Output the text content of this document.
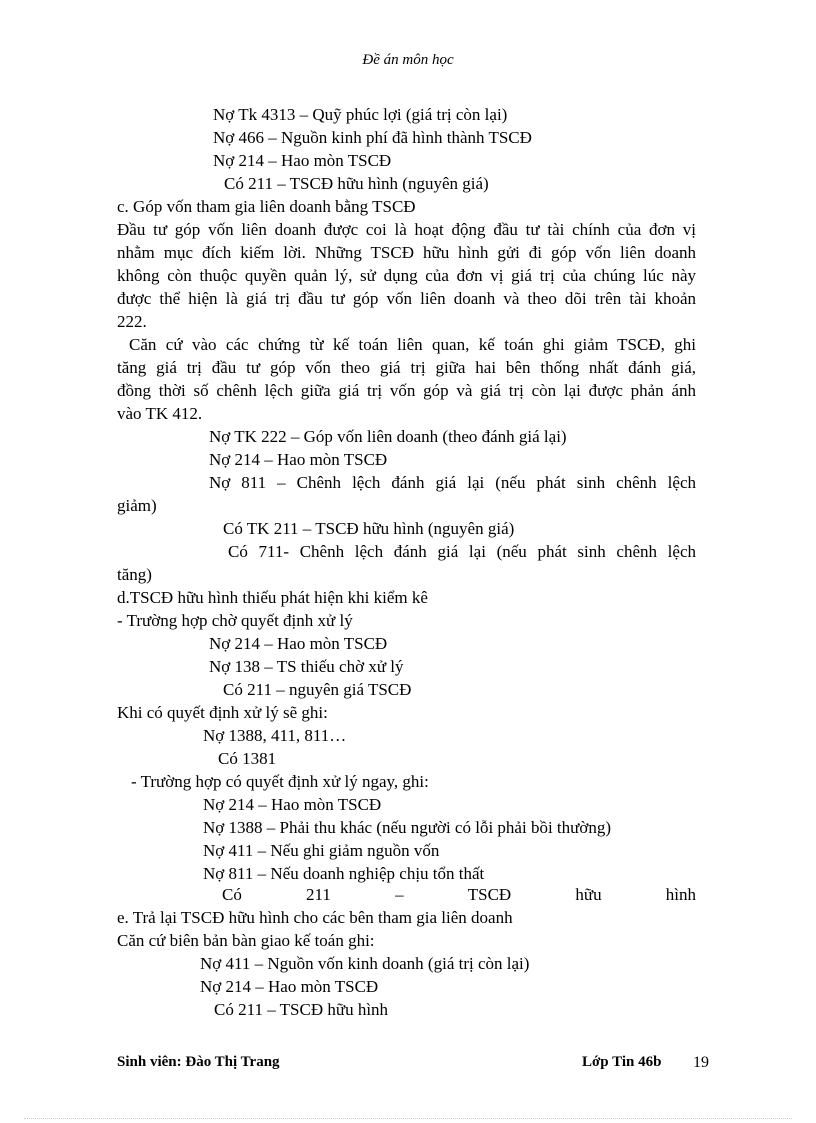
Đề án môn học
Nợ Tk 4313 – Quỹ phúc lợi (giá trị còn lại)
Nợ 466 – Nguồn kinh phí đã hình thành TSCĐ
Nợ 214 – Hao mòn TSCĐ
Có 211 – TSCĐ hữu hình (nguyên giá)
c. Góp vốn tham gia liên doanh bằng TSCĐ
Đầu tư góp vốn liên doanh được coi là hoạt động đầu tư tài chính của đơn vị
nhằm mục đích kiếm lời. Những TSCĐ hữu hình gửi đi góp vốn liên doanh
không còn thuộc quyền quản lý, sử dụng của đơn vị giá trị của chúng lúc này
được thể hiện là giá trị đầu tư góp vốn liên doanh và theo dõi trên tài khoản
222.
Căn cứ vào các chứng từ kế toán liên quan, kế toán ghi giảm TSCĐ, ghi
tăng giá trị đầu tư góp vốn theo giá trị giữa hai bên thống nhất đánh giá,
đồng thời số chênh lệch giữa giá trị vốn góp và giá trị còn lại được phản ánh
vào TK 412.
Nợ TK 222 – Góp vốn liên doanh (theo đánh giá lại)
Nợ 214 – Hao mòn TSCĐ
Nợ 811 – Chênh lệch đánh giá lại (nếu phát sinh chênh lệch
giảm)
Có TK 211 – TSCĐ hữu hình (nguyên giá)
Có 711- Chênh lệch đánh giá lại (nếu phát sinh chênh lệch
tăng)
d.TSCĐ hữu hình thiếu phát hiện khi kiểm kê
- Trường hợp chờ quyết định xử lý
Nợ 214 – Hao mòn TSCĐ
Nợ 138 – TS thiếu chờ xử lý
Có 211 – nguyên giá TSCĐ
Khi có quyết định xử lý sẽ ghi:
Nợ 1388, 411, 811…
Có 1381
- Trường hợp có quyết định xử lý ngay, ghi:
Nợ 214 – Hao mòn TSCĐ
Nợ 1388 – Phải thu khác (nếu người có lỗi phải bồi thường)
Nợ 411 – Nếu ghi giảm nguồn vốn
Nợ 811 – Nếu doanh nghiệp chịu tổn thất
Có	211	–	TSCĐ	hữu	hình
e. Trả lại TSCĐ hữu hình cho các bên tham gia liên doanh
Căn cứ biên bản bàn giao kế toán ghi:
Nợ 411 – Nguồn vốn kinh doanh (giá trị còn lại)
Nợ 214 – Hao mòn TSCĐ
Có 211 – TSCĐ hữu hình
Sinh viên: Đào Thị Trang	Lớp Tin 46b 19
